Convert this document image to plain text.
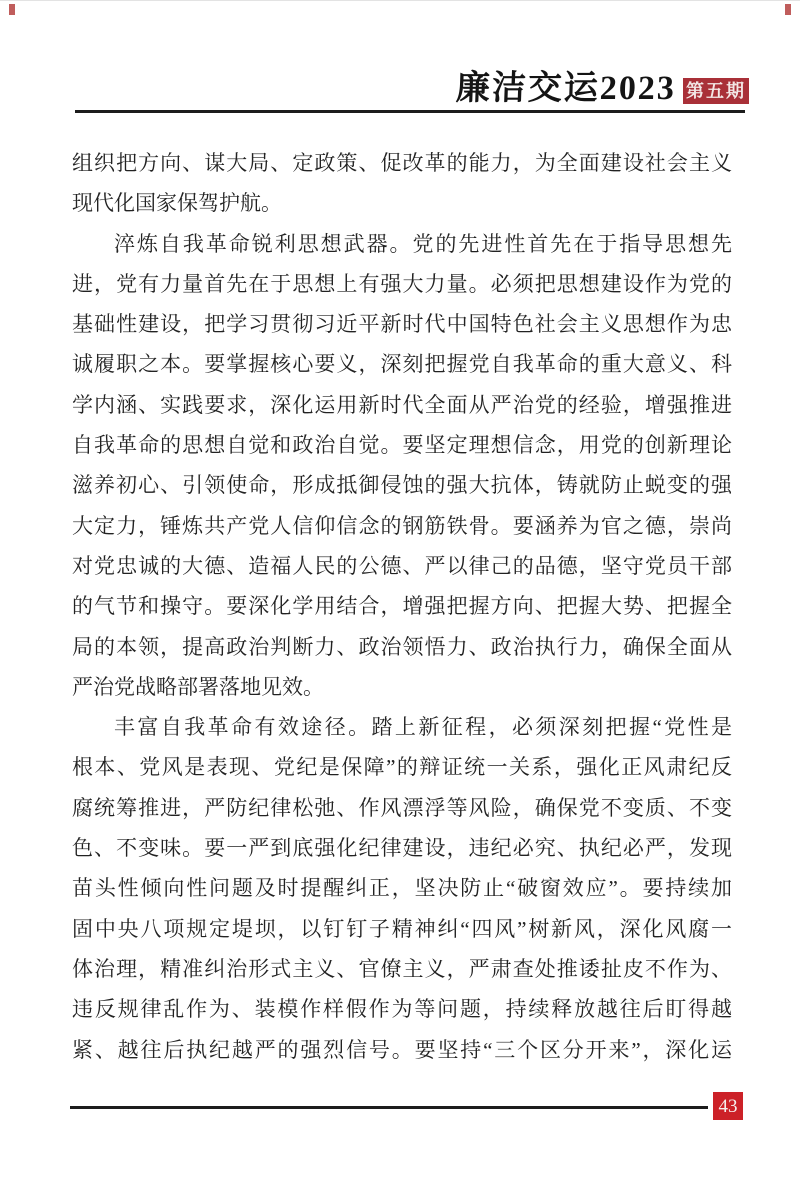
廉洁交运2023 第五期
组织把方向、谋大局、定政策、促改革的能力，为全面建设社会主义
现代化国家保驾护航。
淬炼自我革命锐利思想武器。党的先进性首先在于指导思想先
进，党有力量首先在于思想上有强大力量。必须把思想建设作为党的
基础性建设，把学习贯彻习近平新时代中国特色社会主义思想作为忠
诚履职之本。要掌握核心要义，深刻把握党自我革命的重大意义、科
学内涵、实践要求，深化运用新时代全面从严治党的经验，增强推进
自我革命的思想自觉和政治自觉。要坚定理想信念，用党的创新理论
滋养初心、引领使命，形成抵御侵蚀的强大抗体，铸就防止蜕变的强
大定力，锤炼共产党人信仰信念的钢筋铁骨。要涵养为官之德，崇尚
对党忠诚的大德、造福人民的公德、严以律己的品德，坚守党员干部
的气节和操守。要深化学用结合，增强把握方向、把握大势、把握全
局的本领，提高政治判断力、政治领悟力、政治执行力，确保全面从
严治党战略部署落地见效。
丰富自我革命有效途径。踏上新征程，必须深刻把握“党性是
根本、党风是表现、党纪是保障”的辩证统一关系，强化正风肃纪反
腐统筹推进，严防纪律松弛、作风漂浮等风险，确保党不变质、不变
色、不变味。要一严到底强化纪律建设，违纪必究、执纪必严，发现
苗头性倾向性问题及时提醒纠正，坚决防止“破窗效应”。要持续加
固中央八项规定堤坝，以钉钉子精神纠“四风”树新风，深化风腐一
体治理，精准纠治形式主义、官僚主义，严肃查处推诿扯皮不作为、
违反规律乱作为、装模作样假作为等问题，持续释放越往后盯得越
紧、越往后执纪越严的强烈信号。要坚持“三个区分开来”，深化运
43
